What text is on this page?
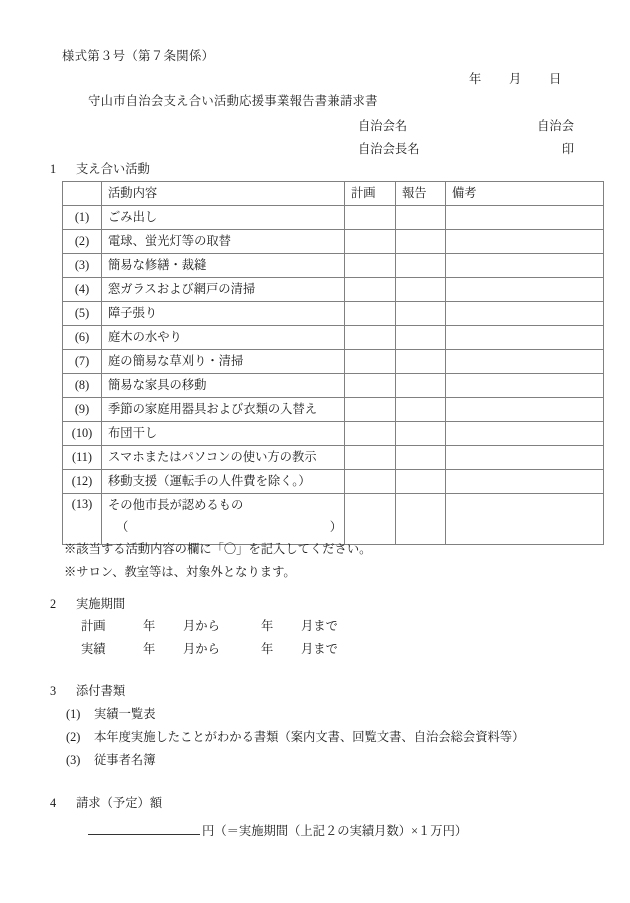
様式第３号（第７条関係）
年 月 日
守山市自治会支え合い活動応援事業報告書兼請求書
自治会名	自治会
自治会長名	印
1 支え合い活動
	活動内容	計画	報告	備考
(1)	ごみ出し			
(2)	電球、蛍光灯等の取替			
(3)	簡易な修繕・裁縫			
(4)	窓ガラスおよび網戸の清掃			
(5)	障子張り			
(6)	庭木の水やり			
(7)	庭の簡易な草刈り・清掃			
(8)	簡易な家具の移動			
(9)	季節の家庭用器具および衣類の入替え			
(10)	布団干し			
(11)	スマホまたはパソコンの使い方の教示			
(12)	移動支援（運転手の人件費を除く。）			
(13)	その他市長が認めるもの
（ ）			

※該当する活動内容の欄に「〇」を記入してください。
※サロン、教室等は、対象外となります。
2 実施期間
計画	年 月から	年 月まで
実績	年 月から	年 月まで
3 添付書類
(1) 実績一覧表
(2) 本年度実施したことがわかる書類（案内文書、回覧文書、自治会総会資料等）
(3) 従事者名簿
4 請求（予定）額
円（＝実施期間（上記２の実績月数）×１万円）
